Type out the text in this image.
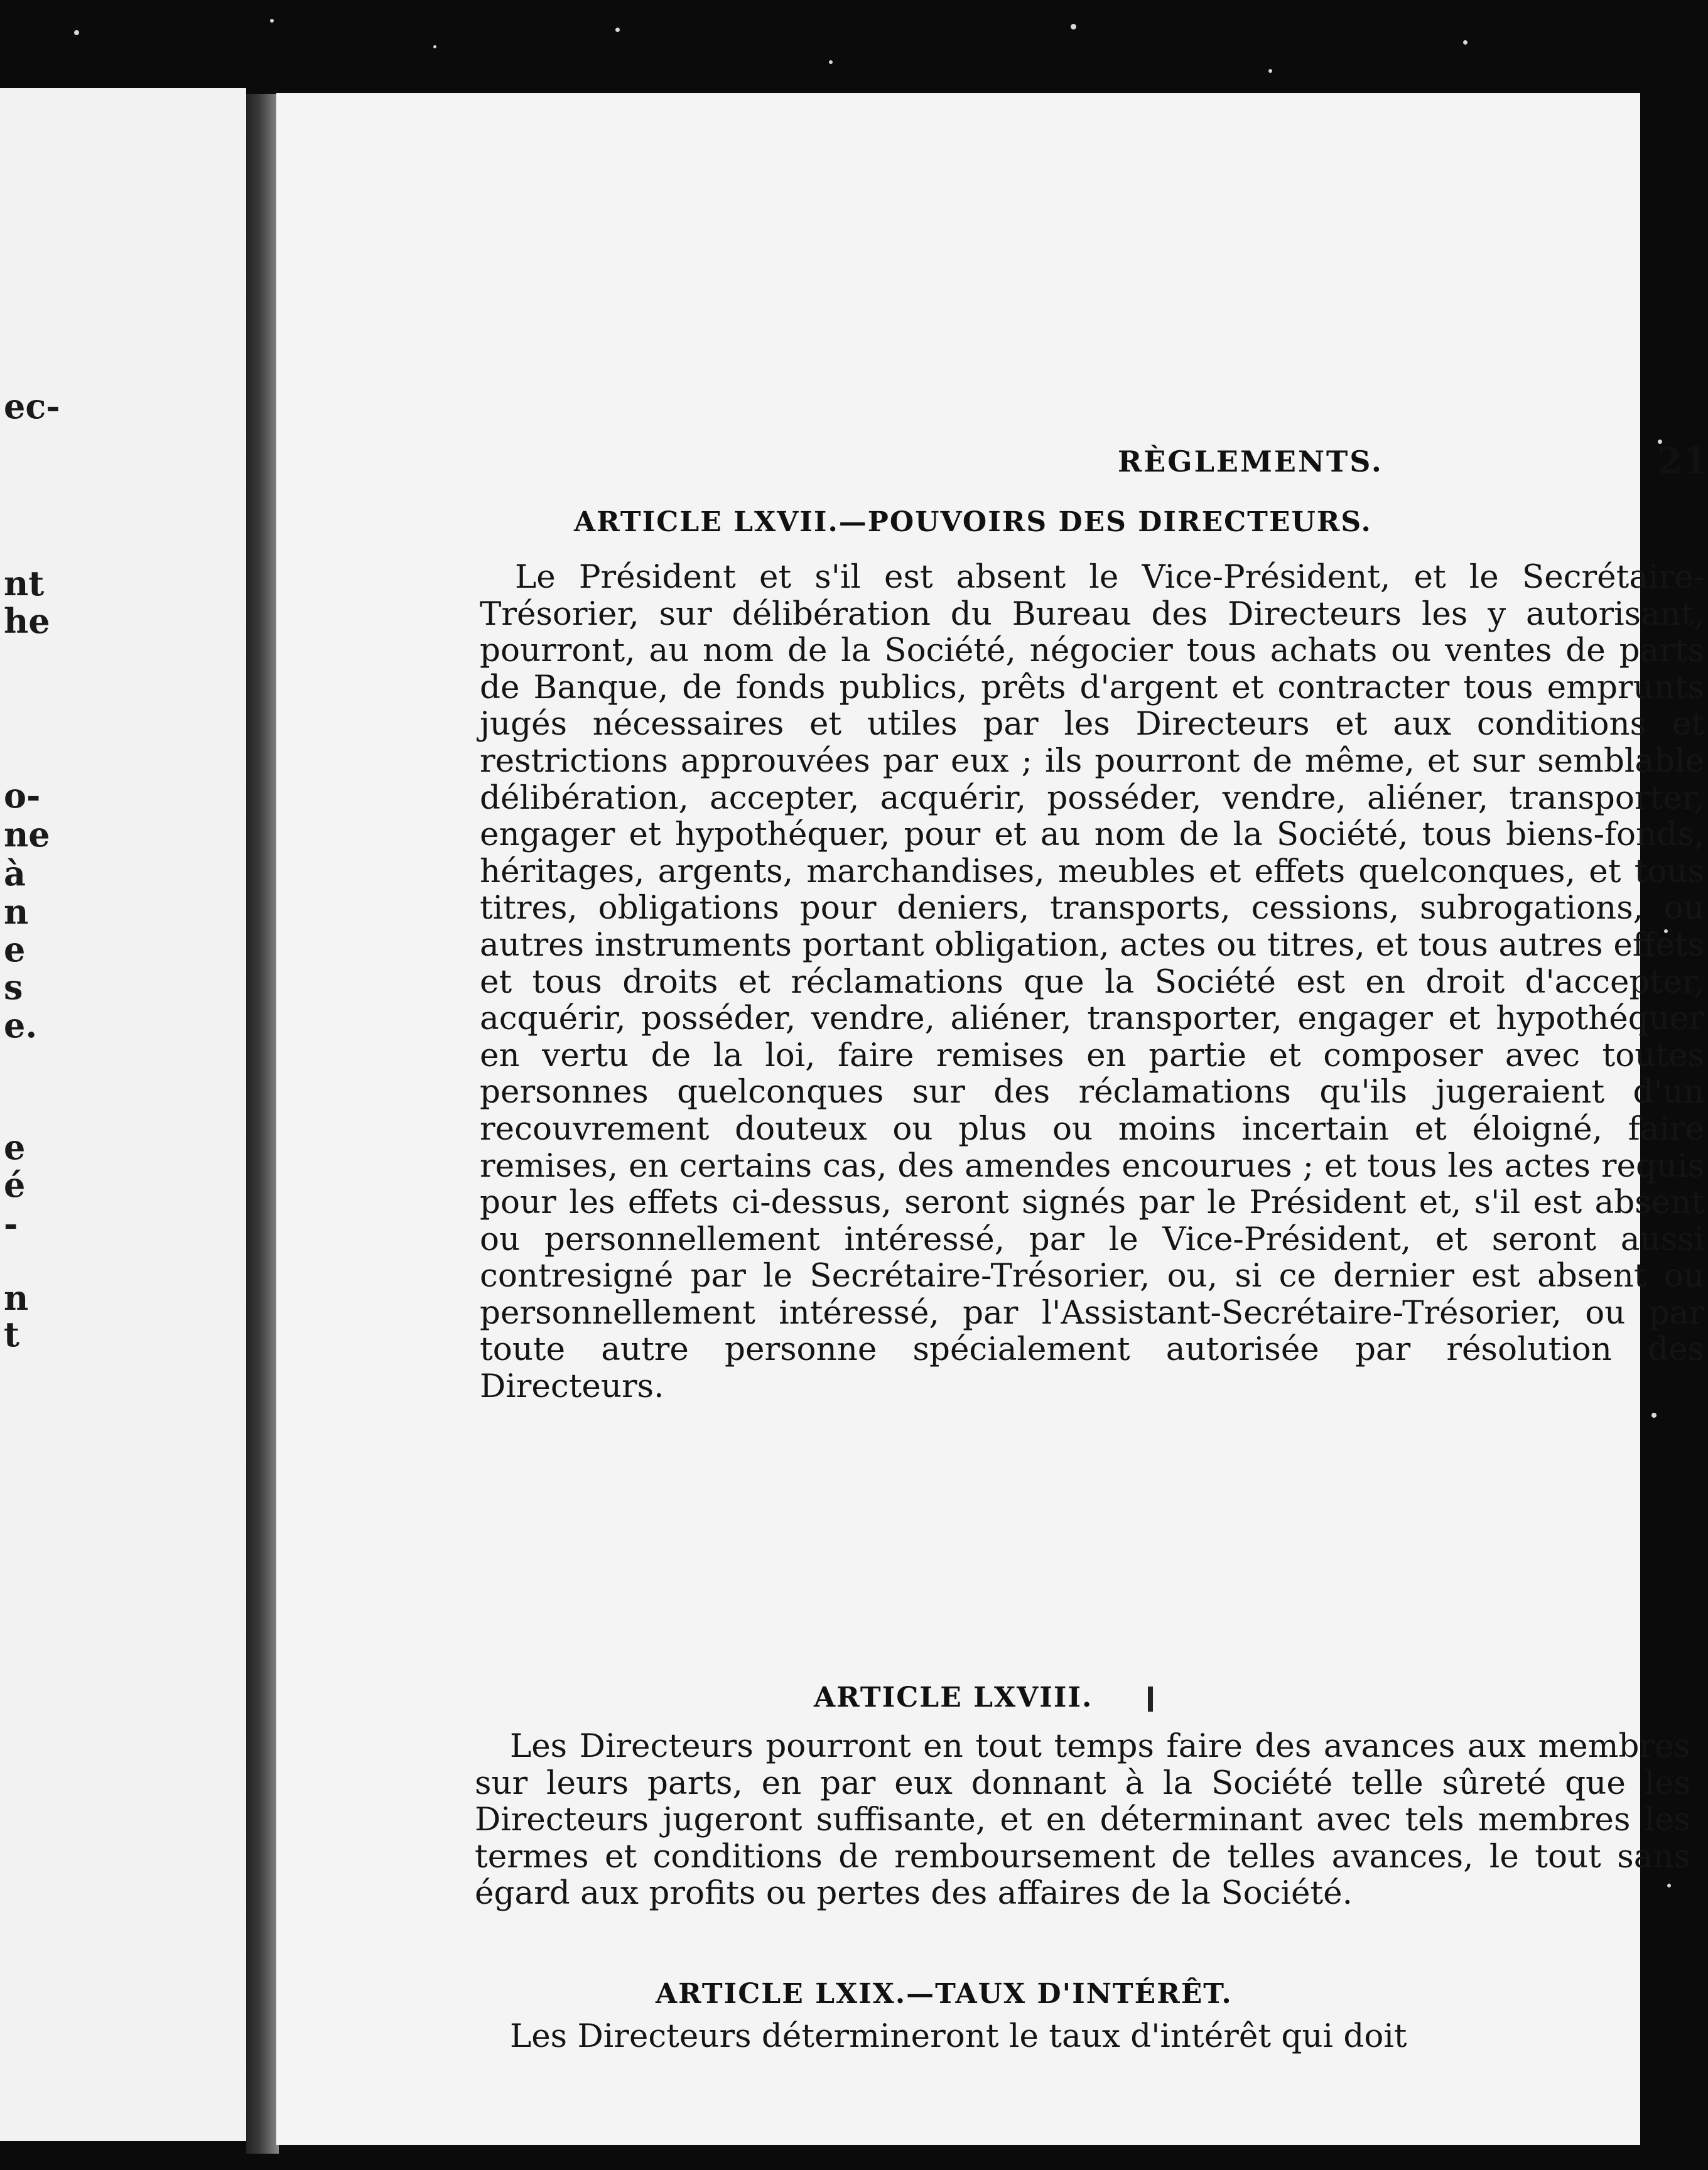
ec-
nt
he
o-
ne
à
n
e
s
e.
e
é
-
n
t
RÈGLEMENTS.	21
ARTICLE LXVII.—POUVOIRS DES DIRECTEURS.

Le Président et s'il est absent le Vice-Président, et le Secrétaire-Trésorier, sur délibération du Bureau des Directeurs les y autorisant, pourront, au nom de la Société, négocier tous achats ou ventes de parts de Banque, de fonds publics, prêts d'argent et contracter tous emprunts jugés nécessaires et utiles par les Directeurs et aux conditions et restrictions approuvées par eux ; ils pourront de même, et sur semblable délibération, accepter, acquérir, posséder, vendre, aliéner, transporter, engager et hypothéquer, pour et au nom de la Société, tous biens-fonds, héritages, argents, marchandises, meubles et effets quelconques, et tous titres, obligations pour deniers, transports, cessions, subrogations, ou autres instruments portant obligation, actes ou titres, et tous autres effets et tous droits et réclamations que la Société est en droit d'accepter, acquérir, posséder, vendre, aliéner, transporter, engager et hypothéquer en vertu de la loi, faire remises en partie et composer avec toutes personnes quelconques sur des réclamations qu'ils jugeraient d'un recouvrement douteux ou plus ou moins incertain et éloigné, faire remises, en certains cas, des amendes encourues ; et tous les actes requis pour les effets ci-dessus, seront signés par le Président et, s'il est absent ou personnellement intéressé, par le Vice-Président, et seront aussi contresigné par le Secrétaire-Trésorier, ou, si ce dernier est absent ou personnellement intéressé, par l'Assistant-Secrétaire-Trésorier, ou par toute autre personne spécialement autorisée par résolution des Directeurs.

ARTICLE LXVIII.

Les Directeurs pourront en tout temps faire des avances aux membres sur leurs parts, en par eux donnant à la Société telle sûreté que les Directeurs jugeront suffisante, et en déterminant avec tels membres les termes et conditions de remboursement de telles avances, le tout sans égard aux profits ou pertes des affaires de la Société.

ARTICLE LXIX.—TAUX D'INTÉRÊT.

Les Directeurs détermineront le taux d'intérêt qui doit
